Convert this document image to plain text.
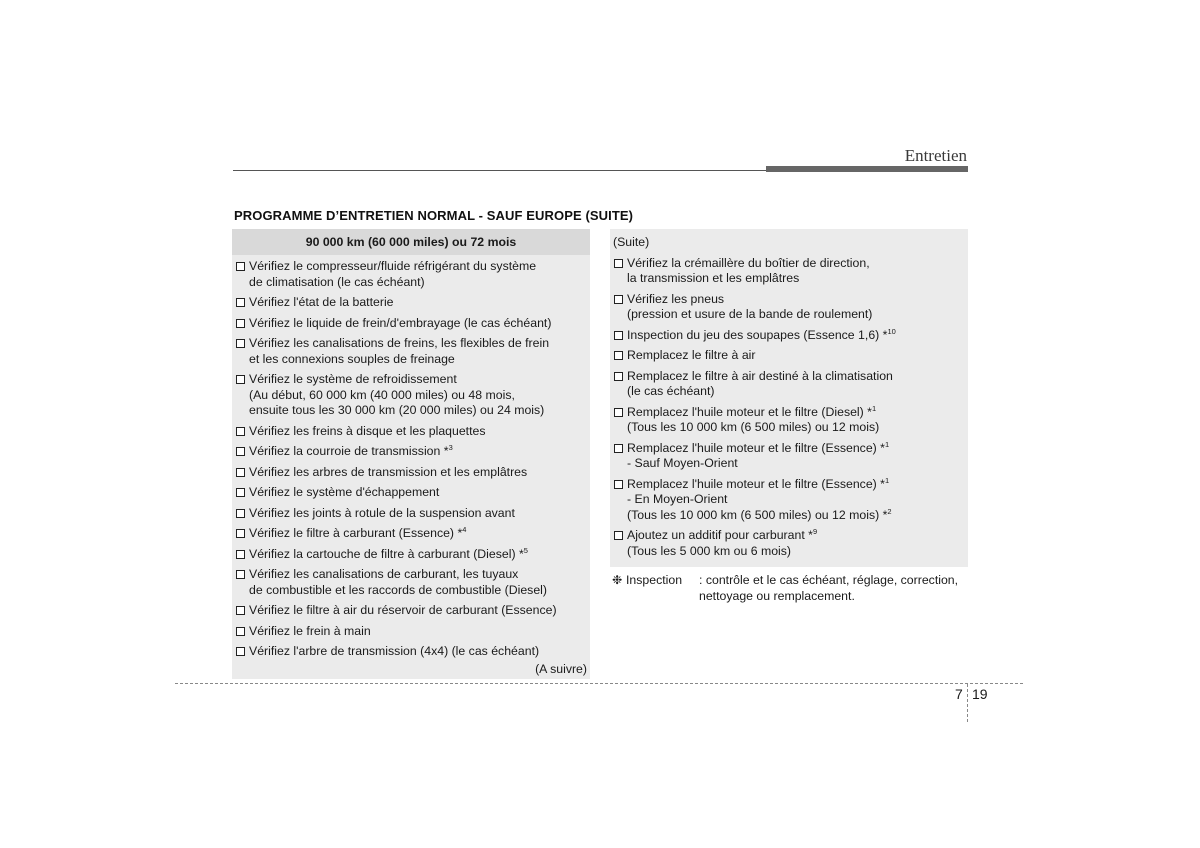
Entretien
PROGRAMME D’ENTRETIEN NORMAL - SAUF EUROPE (SUITE)
90 000 km (60 000 miles) ou 72 mois
Vérifiez le compresseur/fluide réfrigérant du système
de climatisation (le cas échéant)
Vérifiez l'état de la batterie
Vérifiez le liquide de frein/d'embrayage (le cas échéant)
Vérifiez les canalisations de freins, les flexibles de frein
et les connexions souples de freinage
Vérifiez le système de refroidissement
(Au début, 60 000 km (40 000 miles) ou 48 mois,
ensuite tous les 30 000 km (20 000 miles) ou 24 mois)
Vérifiez les freins à disque et les plaquettes
Vérifiez la courroie de transmission *$^3$
Vérifiez les arbres de transmission et les emplâtres
Vérifiez le système d'échappement
Vérifiez les joints à rotule de la suspension avant
Vérifiez le filtre à carburant (Essence) *$^4$
Vérifiez la cartouche de filtre à carburant (Diesel) *$^5$
Vérifiez les canalisations de carburant, les tuyaux
de combustible et les raccords de combustible (Diesel)
Vérifiez le filtre à air du réservoir de carburant (Essence)
Vérifiez le frein à main
Vérifiez l'arbre de transmission (4x4) (le cas échéant)
(A suivre)
(Suite)
Vérifiez la crémaillère du boîtier de direction,
la transmission et les emplâtres
Vérifiez les pneus
(pression et usure de la bande de roulement)
Inspection du jeu des soupapes (Essence 1,6) *$^{10}$
Remplacez le filtre à air
Remplacez le filtre à air destiné à la climatisation
(le cas échéant)
Remplacez l'huile moteur et le filtre (Diesel) *$^1$
(Tous les 10 000 km (6 500 miles) ou 12 mois)
Remplacez l'huile moteur et le filtre (Essence) *$^1$
- Sauf Moyen-Orient
Remplacez l'huile moteur et le filtre (Essence) *$^1$
- En Moyen-Orient
(Tous les 10 000 km (6 500 miles) ou 12 mois) *$^2$
Ajoutez un additif pour carburant *$^9$
(Tous les 5 000 km ou 6 mois)
❉ Inspection : contrôle et le cas échéant, réglage, correction,
nettoyage ou remplacement.
7 19
